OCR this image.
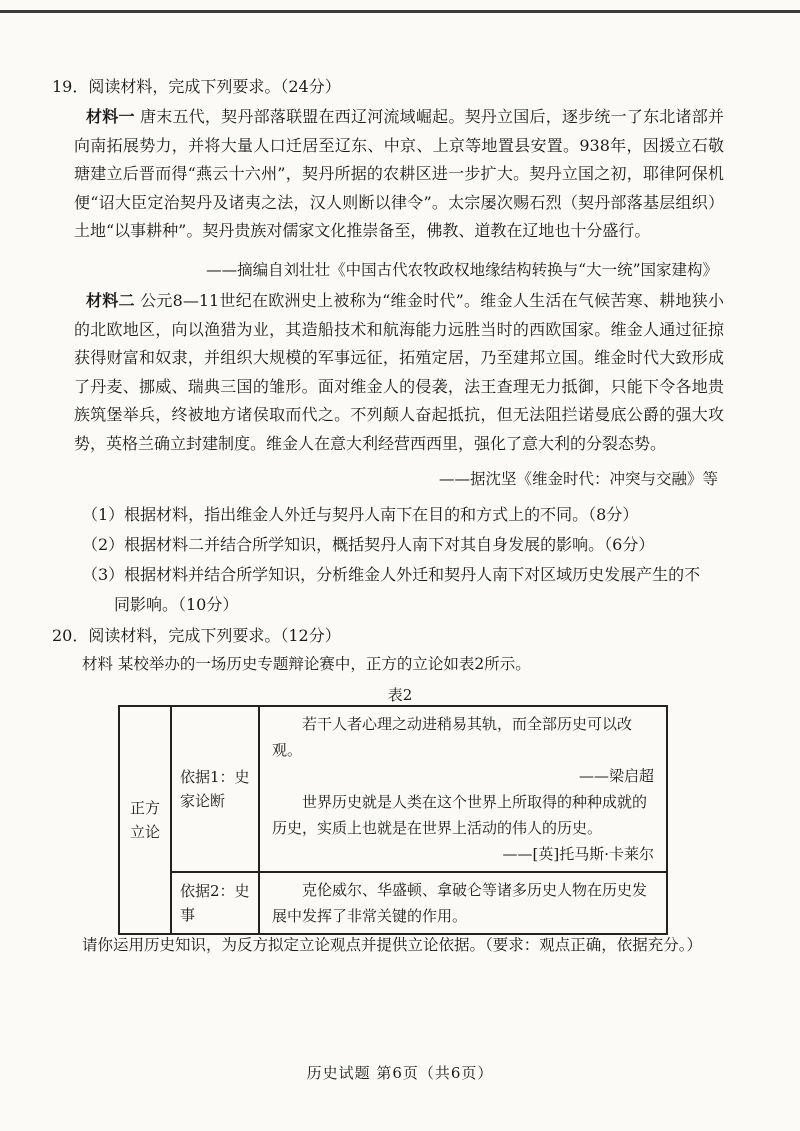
19．阅读材料，完成下列要求。（24分）

材料一 唐末五代，契丹部落联盟在西辽河流域崛起。契丹立国后，逐步统一了东北诸部并向南拓展势力，并将大量人口迁居至辽东、中京、上京等地置县安置。938年，因援立石敬瑭建立后晋而得“燕云十六州”，契丹所据的农耕区进一步扩大。契丹立国之初，耶律阿保机便“诏大臣定治契丹及诸夷之法，汉人则断以律令”。太宗屡次赐石烈（契丹部落基层组织）土地“以事耕种”。契丹贵族对儒家文化推崇备至，佛教、道教在辽地也十分盛行。

——摘编自刘壮壮《中国古代农牧政权地缘结构转换与“大一统”国家建构》

材料二 公元8—11世纪在欧洲史上被称为“维金时代”。维金人生活在气候苦寒、耕地狭小的北欧地区，向以渔猎为业，其造船技术和航海能力远胜当时的西欧国家。维金人通过征掠获得财富和奴隶，并组织大规模的军事远征，拓殖定居，乃至建邦立国。维金时代大致形成了丹麦、挪威、瑞典三国的雏形。面对维金人的侵袭，法王查理无力抵御，只能下令各地贵族筑堡举兵，终被地方诸侯取而代之。不列颠人奋起抵抗，但无法阻拦诺曼底公爵的强大攻势，英格兰确立封建制度。维金人在意大利经营西西里，强化了意大利的分裂态势。

——据沈坚《维金时代：冲突与交融》等

（1）根据材料，指出维金人外迁与契丹人南下在目的和方式上的不同。（8分）

（2）根据材料二并结合所学知识，概括契丹人南下对其自身发展的影响。（6分）

（3）根据材料并结合所学知识，分析维金人外迁和契丹人南下对区域历史发展产生的不
同影响。（10分）

20．阅读材料，完成下列要求。（12分）
材料 某校举办的一场历史专题辩论赛中，正方的立论如表2所示。
表2
正方立论	依据1：史家论断	若干人者心理之动进稍易其轨，而全部历史可以改观。

——梁启超

世界历史就是人类在这个世界上所取得的种种成就的历史，实质上也就是在世界上活动的伟人的历史。

——[英]托马斯·卡莱尔

	依据2：史事	克伦威尔、华盛顿、拿破仑等诸多历史人物在历史发展中发挥了非常关键的作用。

请你运用历史知识，为反方拟定立论观点并提供立论依据。（要求：观点正确，依据充分。）
历史试题 第6页（共6页）
